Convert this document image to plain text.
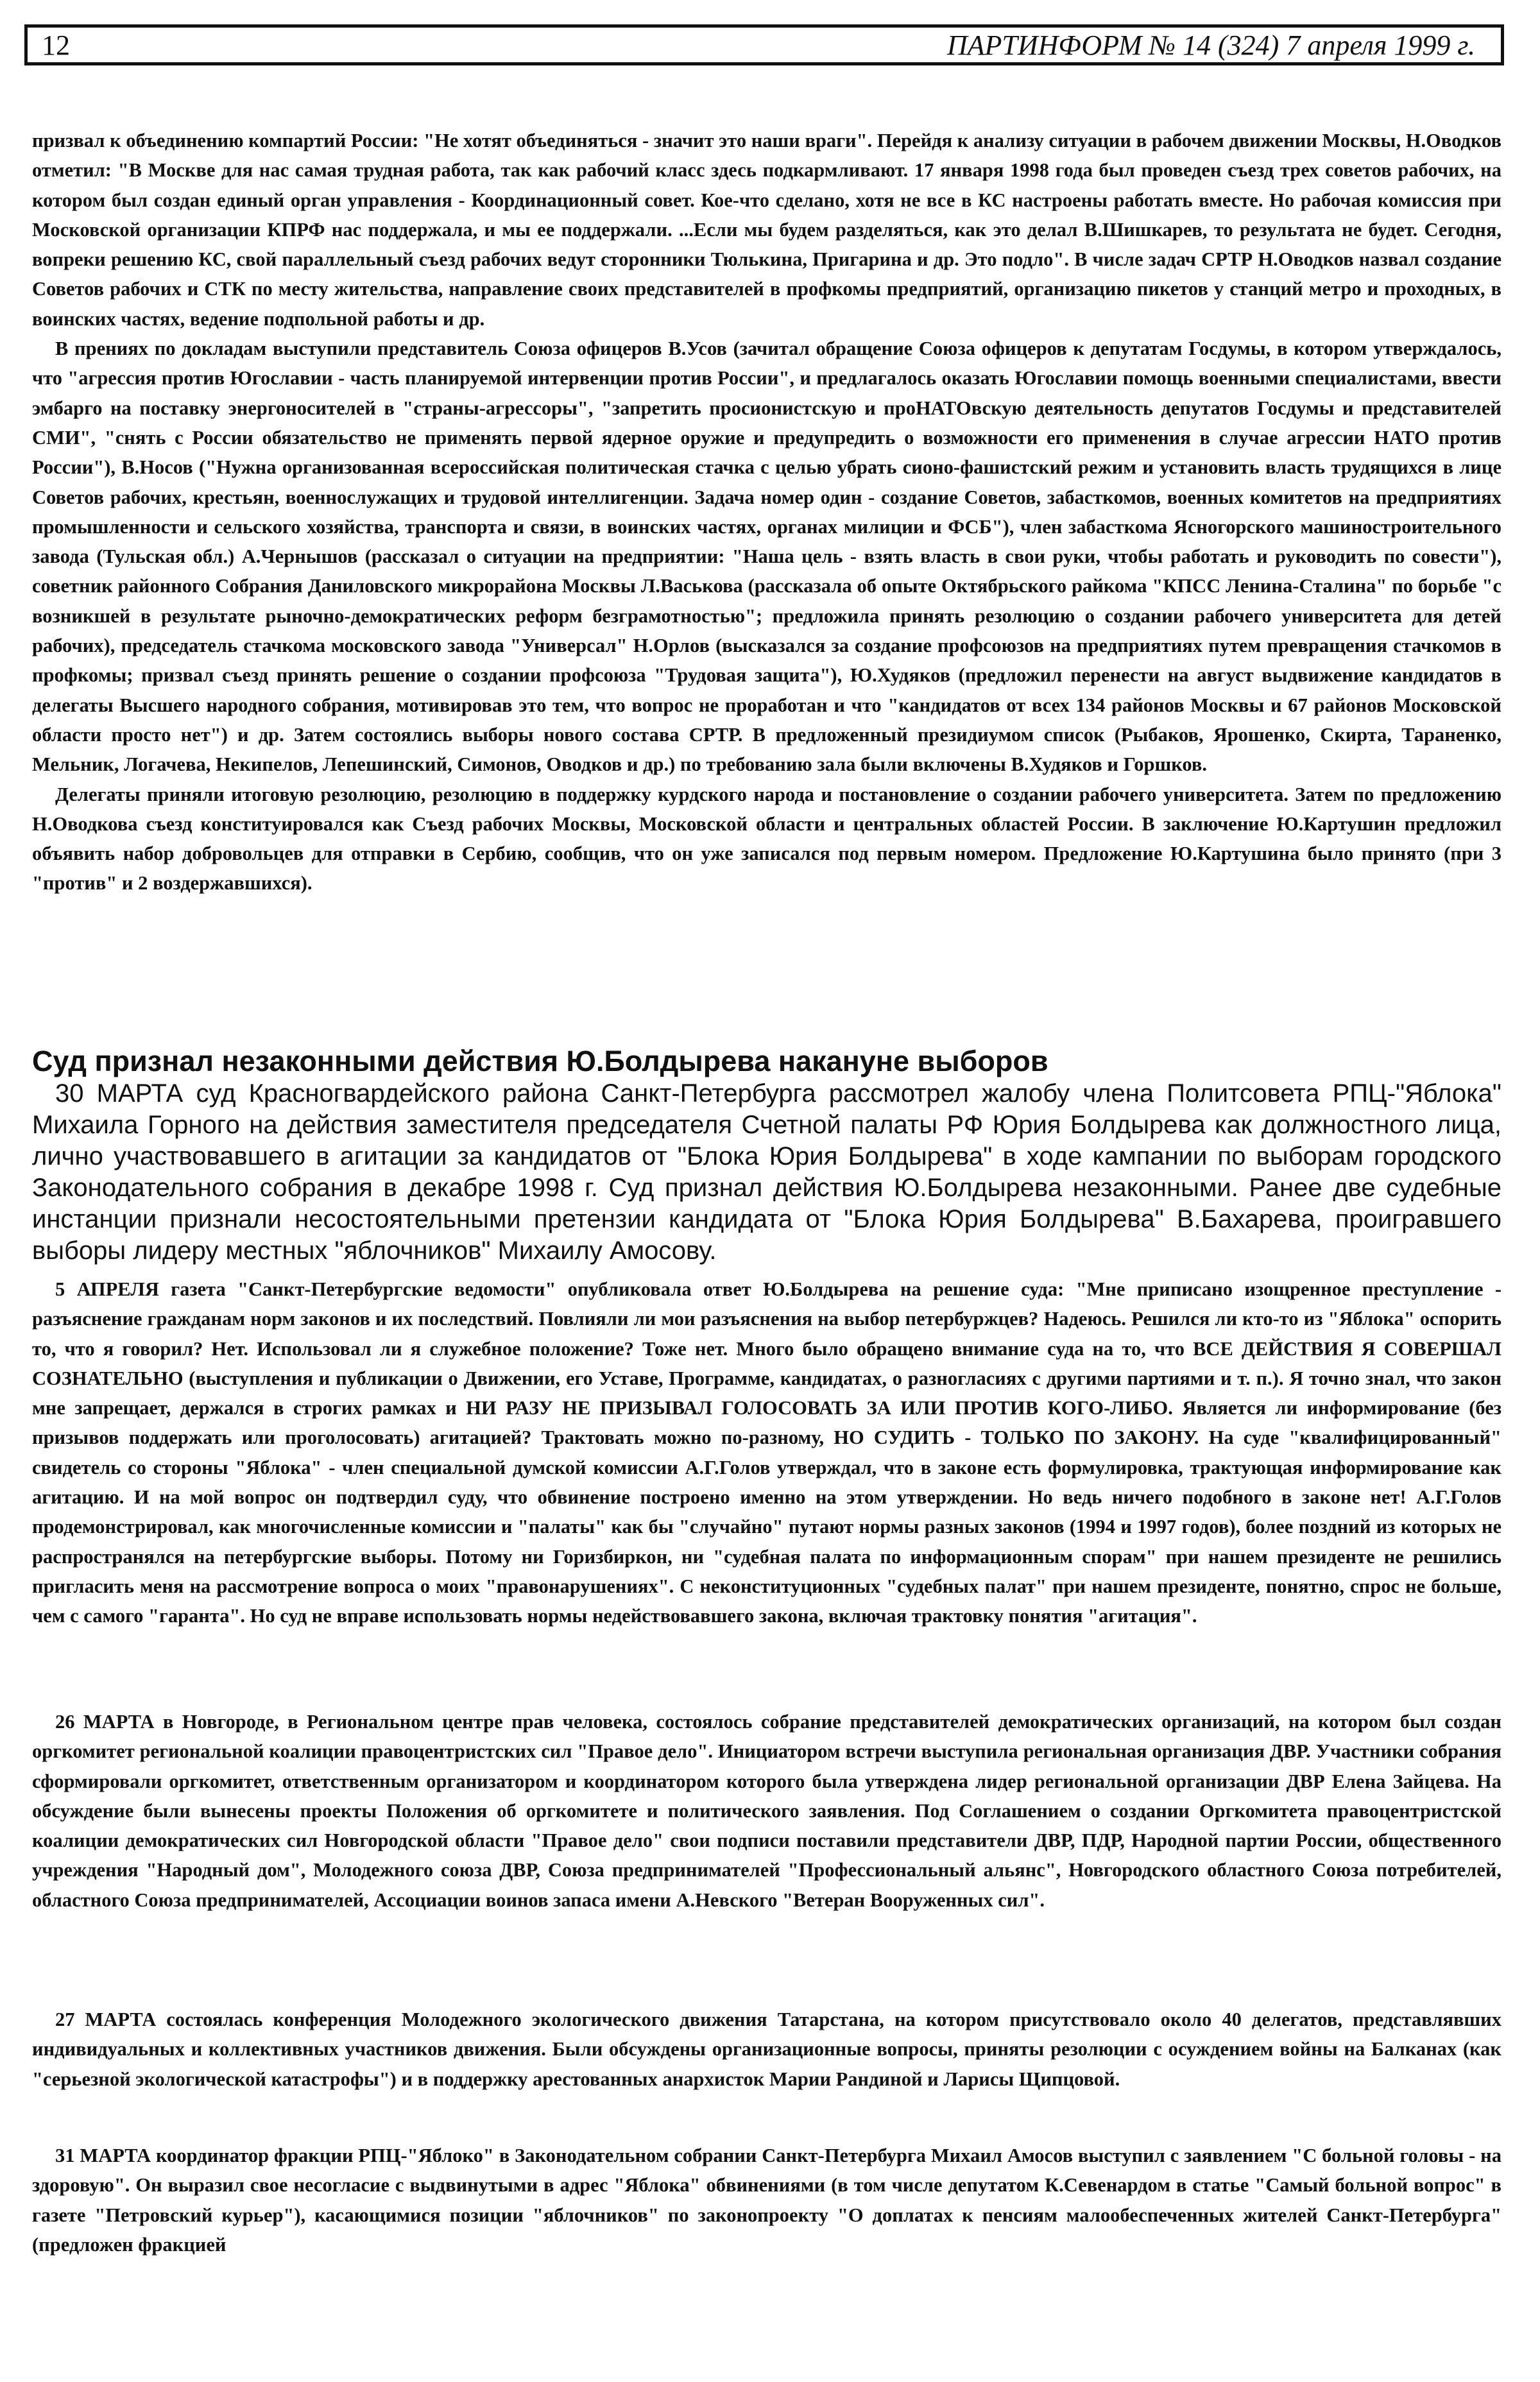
12	ПАРТИНФОРМ № 14 (324) 7 апреля 1999 г.

призвал к объединению компартий России: "Не хотят объединяться - значит это наши враги". Перейдя к анализу ситуации в рабочем движении Москвы, Н.Оводков отметил: "В Москве для нас самая трудная работа, так как рабочий класс здесь подкармливают. 17 января 1998 года был проведен съезд трех советов рабочих, на котором был создан единый орган управления - Координационный совет. Кое-что сделано, хотя не все в КС настроены работать вместе. Но рабочая комиссия при Московской организации КПРФ нас поддержала, и мы ее поддержали. ...Если мы будем разделяться, как это делал В.Шишкарев, то результата не будет. Сегодня, вопреки решению КС, свой параллельный съезд рабочих ведут сторонники Тюлькина, Пригарина и др. Это подло". В числе задач СРТР Н.Оводков назвал создание Советов рабочих и СТК по месту жительства, направление своих представителей в профкомы предприятий, организацию пикетов у станций метро и проходных, в воинских частях, ведение подпольной работы и др.

В прениях по докладам выступили представитель Союза офицеров В.Усов (зачитал обращение Союза офицеров к депутатам Госдумы, в котором утверждалось, что "агрессия против Югославии - часть планируемой интервенции против России", и предлагалось оказать Югославии помощь военными специалистами, ввести эмбарго на поставку энергоносителей в "страны-агрессоры", "запретить просионистскую и проНАТОвскую деятельность депутатов Госдумы и представителей СМИ", "снять с России обязательство не применять первой ядерное оружие и предупредить о возможности его применения в случае агрессии НАТО против России"), В.Носов ("Нужна организованная всероссийская политическая стачка с целью убрать сионо-фашистский режим и установить власть трудящихся в лице Советов рабочих, крестьян, военнослужащих и трудовой интеллигенции. Задача номер один - создание Советов, забасткомов, военных комитетов на предприятиях промышленности и сельского хозяйства, транспорта и связи, в воинских частях, органах милиции и ФСБ"), член забасткома Ясногорского машиностроительного завода (Тульская обл.) А.Чернышов (рассказал о ситуации на предприятии: "Наша цель - взять власть в свои руки, чтобы работать и руководить по совести"), советник районного Собрания Даниловского микрорайона Москвы Л.Васькова (рассказала об опыте Октябрьского райкома "КПСС Ленина-Сталина" по борьбе "с возникшей в результате рыночно-демократических реформ безграмотностью"; предложила принять резолюцию о создании рабочего университета для детей рабочих), председатель стачкома московского завода "Универсал" Н.Орлов (высказался за создание профсоюзов на предприятиях путем превращения стачкомов в профкомы; призвал съезд принять решение о создании профсоюза "Трудовая защита"), Ю.Худяков (предложил перенести на август выдвижение кандидатов в делегаты Высшего народного собрания, мотивировав это тем, что вопрос не проработан и что "кандидатов от всех 134 районов Москвы и 67 районов Московской области просто нет") и др. Затем состоялись выборы нового состава СРТР. В предложенный президиумом список (Рыбаков, Ярошенко, Скирта, Тараненко, Мельник, Логачева, Некипелов, Лепешинский, Симонов, Оводков и др.) по требованию зала были включены В.Худяков и Горшков.

Делегаты приняли итоговую резолюцию, резолюцию в поддержку курдского народа и постановление о создании рабочего университета. Затем по предложению Н.Оводкова съезд конституировался как Съезд рабочих Москвы, Московской области и центральных областей России. В заключение Ю.Картушин предложил объявить набор добровольцев для отправки в Сербию, сообщив, что он уже записался под первым номером. Предложение Ю.Картушина было принято (при 3 "против" и 2 воздержавшихся).

Суд признал незаконными действия Ю.Болдырева накануне выборов

30 МАРТА суд Красногвардейского района Санкт-Петербурга рассмотрел жалобу члена Политсовета РПЦ-"Яблока" Михаила Горного на действия заместителя председателя Счетной палаты РФ Юрия Болдырева как должностного лица, лично участвовавшего в агитации за кандидатов от "Блока Юрия Болдырева" в ходе кампании по выборам городского Законодательного собрания в декабре 1998 г. Суд признал действия Ю.Болдырева незаконными. Ранее две судебные инстанции признали несостоятельными претензии кандидата от "Блока Юрия Болдырева" В.Бахарева, проигравшего выборы лидеру местных "яблочников" Михаилу Амосову.

5 АПРЕЛЯ газета "Санкт-Петербургские ведомости" опубликовала ответ Ю.Болдырева на решение суда: "Мне приписано изощренное преступление - разъяснение гражданам норм законов и их последствий. Повлияли ли мои разъяснения на выбор петербуржцев? Надеюсь. Решился ли кто-то из "Яблока" оспорить то, что я говорил? Нет. Использовал ли я служебное положение? Тоже нет. Много было обращено внимание суда на то, что ВСЕ ДЕЙСТВИЯ Я СОВЕРШАЛ СОЗНАТЕЛЬНО (выступления и публикации о Движении, его Уставе, Программе, кандидатах, о разногласиях с другими партиями и т. п.). Я точно знал, что закон мне запрещает, держался в строгих рамках и НИ РАЗУ НЕ ПРИЗЫВАЛ ГОЛОСОВАТЬ ЗА ИЛИ ПРОТИВ КОГО-ЛИБО. Является ли информирование (без призывов поддержать или проголосовать) агитацией? Трактовать можно по-разному, НО СУДИТЬ - ТОЛЬКО ПО ЗАКОНУ. На суде "квалифицированный" свидетель со стороны "Яблока" - член специальной думской комиссии А.Г.Голов утверждал, что в законе есть формулировка, трактующая информирование как агитацию. И на мой вопрос он подтвердил суду, что обвинение построено именно на этом утверждении. Но ведь ничего подобного в законе нет! А.Г.Голов продемонстрировал, как многочисленные комиссии и "палаты" как бы "случайно" путают нормы разных законов (1994 и 1997 годов), более поздний из которых не распространялся на петербургские выборы. Потому ни Горизбиркон, ни "судебная палата по информационным спорам" при нашем президенте не решились пригласить меня на рассмотрение вопроса о моих "правонарушениях". С неконституционных "судебных палат" при нашем президенте, понятно, спрос не больше, чем с самого "гаранта". Но суд не вправе использовать нормы недействовавшего закона, включая трактовку понятия "агитация".

26 МАРТА в Новгороде, в Региональном центре прав человека, состоялось собрание представителей демократических организаций, на котором был создан оргкомитет региональной коалиции правоцентристских сил "Правое дело". Инициатором встречи выступила региональная организация ДВР. Участники собрания сформировали оргкомитет, ответственным организатором и координатором которого была утверждена лидер региональной организации ДВР Елена Зайцева. На обсуждение были вынесены проекты Положения об оргкомитете и политического заявления. Под Соглашением о создании Оргкомитета правоцентристской коалиции демократических сил Новгородской области "Правое дело" свои подписи поставили представители ДВР, ПДР, Народной партии России, общественного учреждения "Народный дом", Молодежного союза ДВР, Союза предпринимателей "Профессиональный альянс", Новгородского областного Союза потребителей, областного Союза предпринимателей, Ассоциации воинов запаса имени А.Невского "Ветеран Вооруженных сил".

27 МАРТА состоялась конференция Молодежного экологического движения Татарстана, на котором присутствовало около 40 делегатов, представлявших индивидуальных и коллективных участников движения. Были обсуждены организационные вопросы, приняты резолюции с осуждением войны на Балканах (как "серьезной экологической катастрофы") и в поддержку арестованных анархисток Марии Рандиной и Ларисы Щипцовой.

31 МАРТА координатор фракции РПЦ-"Яблоко" в Законодательном собрании Санкт-Петербурга Михаил Амосов выступил с заявлением "С больной головы - на здоровую". Он выразил свое несогласие с выдвинутыми в адрес "Яблока" обвинениями (в том числе депутатом К.Севенардом в статье "Самый больной вопрос" в газете "Петровский курьер"), касающимися позиции "яблочников" по законопроекту "О доплатах к пенсиям малообеспеченных жителей Санкт-Петербурга" (предложен фракцией
